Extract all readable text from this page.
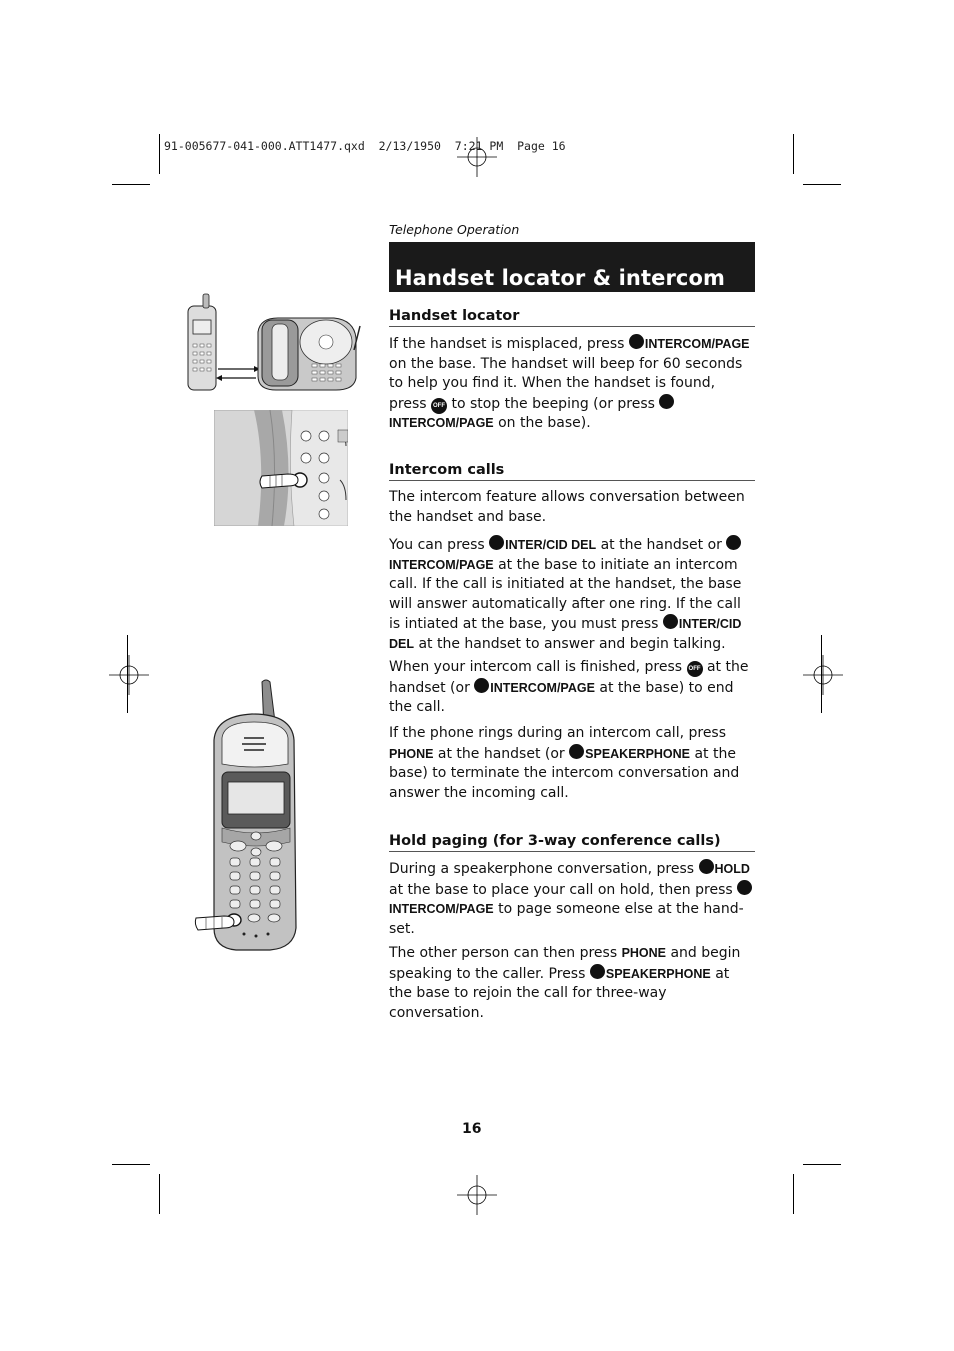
91-005677-041-000.ATT1477.qxd  2/13/1950  7:21 PM  Page 16
Telephone Operation
Handset locator & intercom
Handset locator
If the handset is misplaced, press INTERCOM/PAGE on the base. The handset will beep for 60 seconds to help you find it. When the handset is found, press OFF to stop the beeping (or press INTERCOM/PAGE on the base).
Intercom calls
The intercom feature allows conversation between the handset and base.
You can press INTER/CID DEL at the handset or INTERCOM/PAGE at the base to initiate an intercom call. If the call is initiated at the handset, the base will answer automatically after one ring. If the call is intiated at the base, you must press INTER/CID DEL at the handset to answer and begin talking.
When your intercom call is finished, press OFF at the handset (or INTERCOM/PAGE at the base) to end the call.
If the phone rings during an intercom call, press PHONE at the handset (or SPEAKERPHONE at the base) to terminate the intercom conversation and answer the incoming call.
Hold paging (for 3-way conference calls)
During a speakerphone conversation, press HOLD at the base to place your call on hold, then press INTERCOM/PAGE to page someone else at the hand-set.
The other person can then press PHONE and begin speaking to the caller. Press SPEAKERPHONE at the base to rejoin the call for three-way conversation.
16
